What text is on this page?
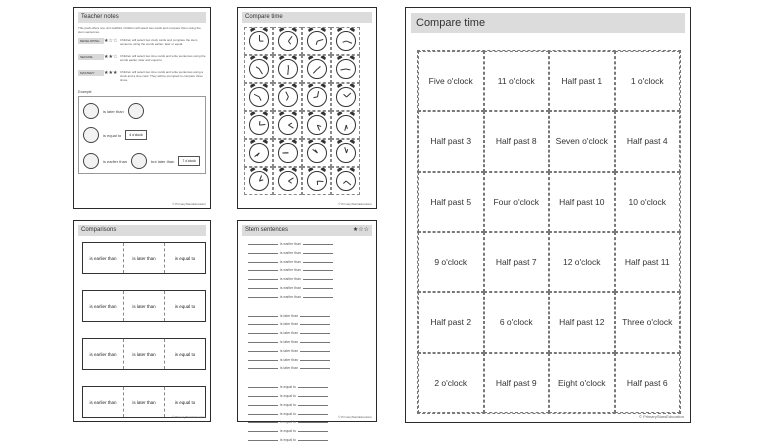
Teacher notes
This pack offers one unit scaffold. Children will select two cards and compare them using the stem sentences.
DEVELOPING ★☆☆ Children will select two clock cards and complete the stem sentence using the words earlier, later or equal.
SECURE	★★☆ Children will select two time cards and write sentences using the words earlier, later and equal to.
MASTERY	★★★ Children will select two time cards and write sentences using a clock and a time card. They will be prompted to compare three times.
Example
is later than
is equal to	4 o'clock
is earlier than	but later than	7 o'clock
© PrimaryStarsEducation
Compare time
© PrimaryStarsEducation
Comparisons
is earlier than	is later than	is equal to
is earlier than	is later than	is equal to
is earlier than	is later than	is equal to
is earlier than	is later than	is equal to
© PrimaryStarsEducation
Stem sentences	★☆☆
is earlier than
is earlier than
is earlier than
is earlier than
is earlier than
is earlier than
is earlier than
is later than
is later than
is later than
is later than
is later than
is later than
is later than
is equal to
is equal to
is equal to
is equal to
is equal to
is equal to
is equal to
© PrimaryStarsEducation
Compare time
Five o'clock	11 o'clock	Half past 1	1 o'clock
Half past 3	Half past 8	Seven o'clock	Half past 4
Half past 5	Four o'clock	Half past 10	10 o'clock
9 o'clock	Half past 7	12 o'clock	Half past 11
Half past 2	6 o'clock	Half past 12	Three o'clock
2 o'clock	Half past 9	Eight o'clock	Half past 6
© PrimaryStarsEducation
